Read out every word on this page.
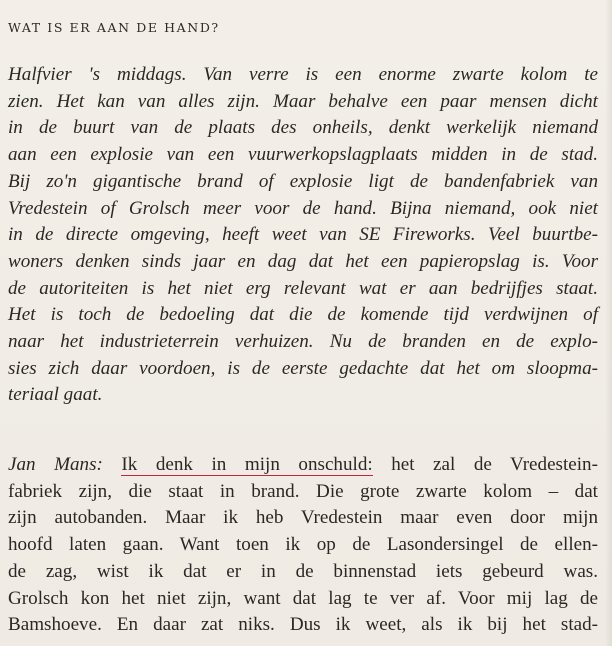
WAT IS ER AAN DE HAND?
Halfvier 's middags. Van verre is een enorme zwarte kolom te
zien. Het kan van alles zijn. Maar behalve een paar mensen dicht
in de buurt van de plaats des onheils, denkt werkelijk niemand
aan een explosie van een vuurwerkopslagplaats midden in de stad.
Bij zo'n gigantische brand of explosie ligt de bandenfabriek van
Vredestein of Grolsch meer voor de hand. Bijna niemand, ook niet
in de directe omgeving, heeft weet van SE Fireworks. Veel buurtbe-
woners denken sinds jaar en dag dat het een papieropslag is. Voor
de autoriteiten is het niet erg relevant wat er aan bedrijfjes staat.
Het is toch de bedoeling dat die de komende tijd verdwijnen of
naar het industrieterrein verhuizen. Nu de branden en de explo-
sies zich daar voordoen, is de eerste gedachte dat het om sloopma-
teriaal gaat.
Jan Mans: Ik denk in mijn onschuld: het zal de Vredestein-
fabriek zijn, die staat in brand. Die grote zwarte kolom – dat
zijn autobanden. Maar ik heb Vredestein maar even door mijn
hoofd laten gaan. Want toen ik op de Lasondersingel de ellen-
de zag, wist ik dat er in de binnenstad iets gebeurd was.
Grolsch kon het niet zijn, want dat lag te ver af. Voor mij lag de
Bamshoeve. En daar zat niks. Dus ik weet, als ik bij het stad-
